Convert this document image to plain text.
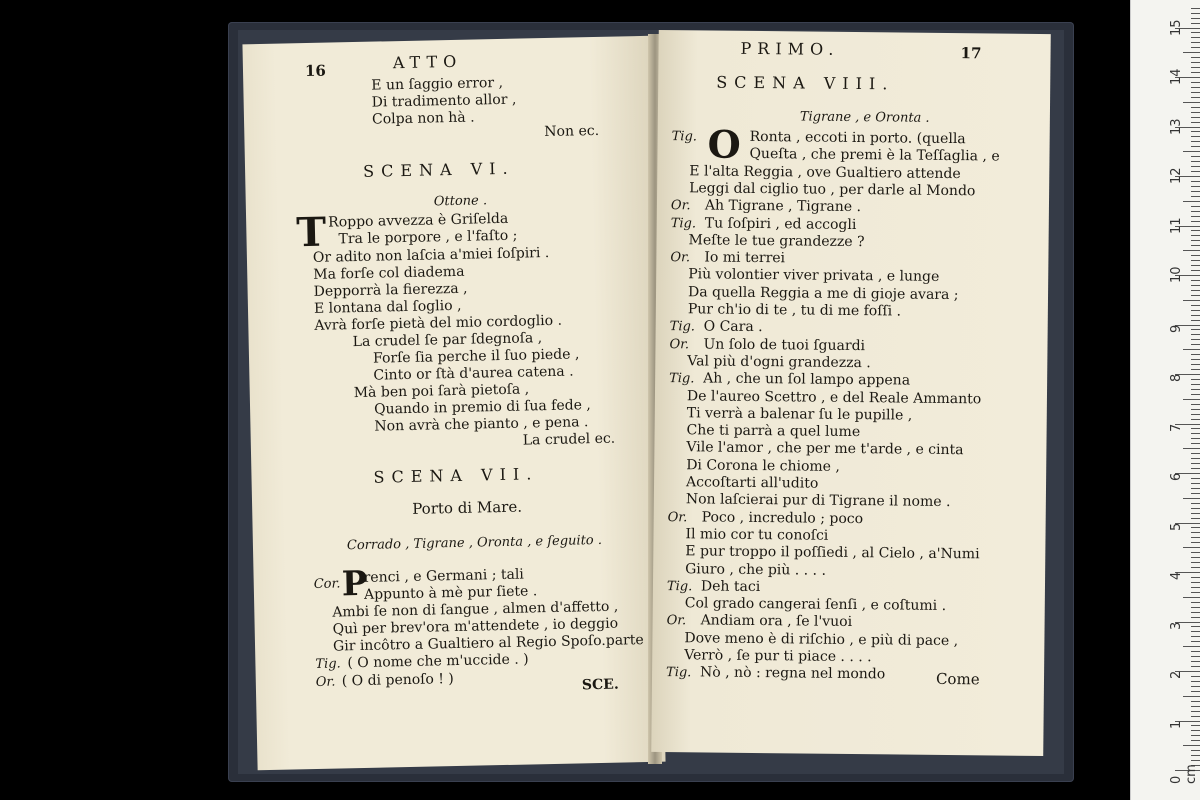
16	ATTO
E un ſaggio error ,
Di tradimento allor ,
Colpa non hà .
Non ec.
SCENA VI.
Ottone .
T Roppo avvezza è Griſelda
Tra le porpore , e l'faſto ;
Or adito non laſcia a'miei ſoſpiri .
Ma forſe col diadema
Depporrà la fierezza ,
E lontana dal ſoglio ,
Avrà forſe pietà del mio cordoglio .
La crudel ſe par ſdegnoſa ,
Forſe ſia perche il ſuo piede ,
Cinto or ſtà d'aurea catena .
Mà ben poi ſarà pietoſa ,
Quando in premio di ſua fede ,
Non avrà che pianto , e pena .
La crudel ec.
SCENA VII.
Porto di Mare.
Corrado , Tigrane , Oronta , e ſeguito .
Cor. P
renci , e Germani ; tali
Appunto à mè pur ſiete .
Ambi ſe non di ſangue , almen d'affetto ,
Quì per brev'ora m'attendete , io deggio
Gir incôtro a Gualtiero al Regio Spoſo.parte
Tig. ( O nome che m'uccide . )
Or. ( O di penoſo ! )	SCE.
PRIMO.	17
SCENA VIII.
Tigrane , e Oronta .
O
Tig.	Ronta , eccoti in porto. (quella
Queſta , che premi è la Teſſaglia , e
E l'alta Reggia , ove Gualtiero attende
Leggi dal ciglio tuo , per darle al Mondo
Or. Ah Tigrane , Tigrane .
Tig. Tu ſoſpiri , ed accogli
Meſte le tue grandezze ?
Or. Io mi terrei
Più volontier viver privata , e lunge
Da quella Reggia a me di gioje avara ;
Pur ch'io di te , tu di me foſſi .
Tig. O Cara .
Or. Un ſolo de tuoi ſguardi
Val più d'ogni grandezza .
Tig. Ah , che un ſol lampo appena
De l'aureo Scettro , e del Reale Ammanto
Ti verrà a balenar ſu le pupille ,
Che ti parrà a quel lume
Vile l'amor , che per me t'arde , e cinta
Di Corona le chiome ,
Accoſtarti all'udito
Non laſcierai pur di Tigrane il nome .
Or. Poco , incredulo ; poco
Il mio cor tu conoſci
E pur troppo il poſſiedi , al Cielo , a'Numi
Giuro , che più . . . .
Tig. Deh taci
Col grado cangerai ſenſi , e coſtumi .
Or. Andiam ora , ſe l'vuoi
Dove meno è di riſchio , e più di pace ,
Verrò , ſe pur ti piace . . . .
Tig. Nò , nò : regna nel mondo	Come
0 cm
1
2
3
4
5
6
7
8
9
10
11
12
13
14
15
